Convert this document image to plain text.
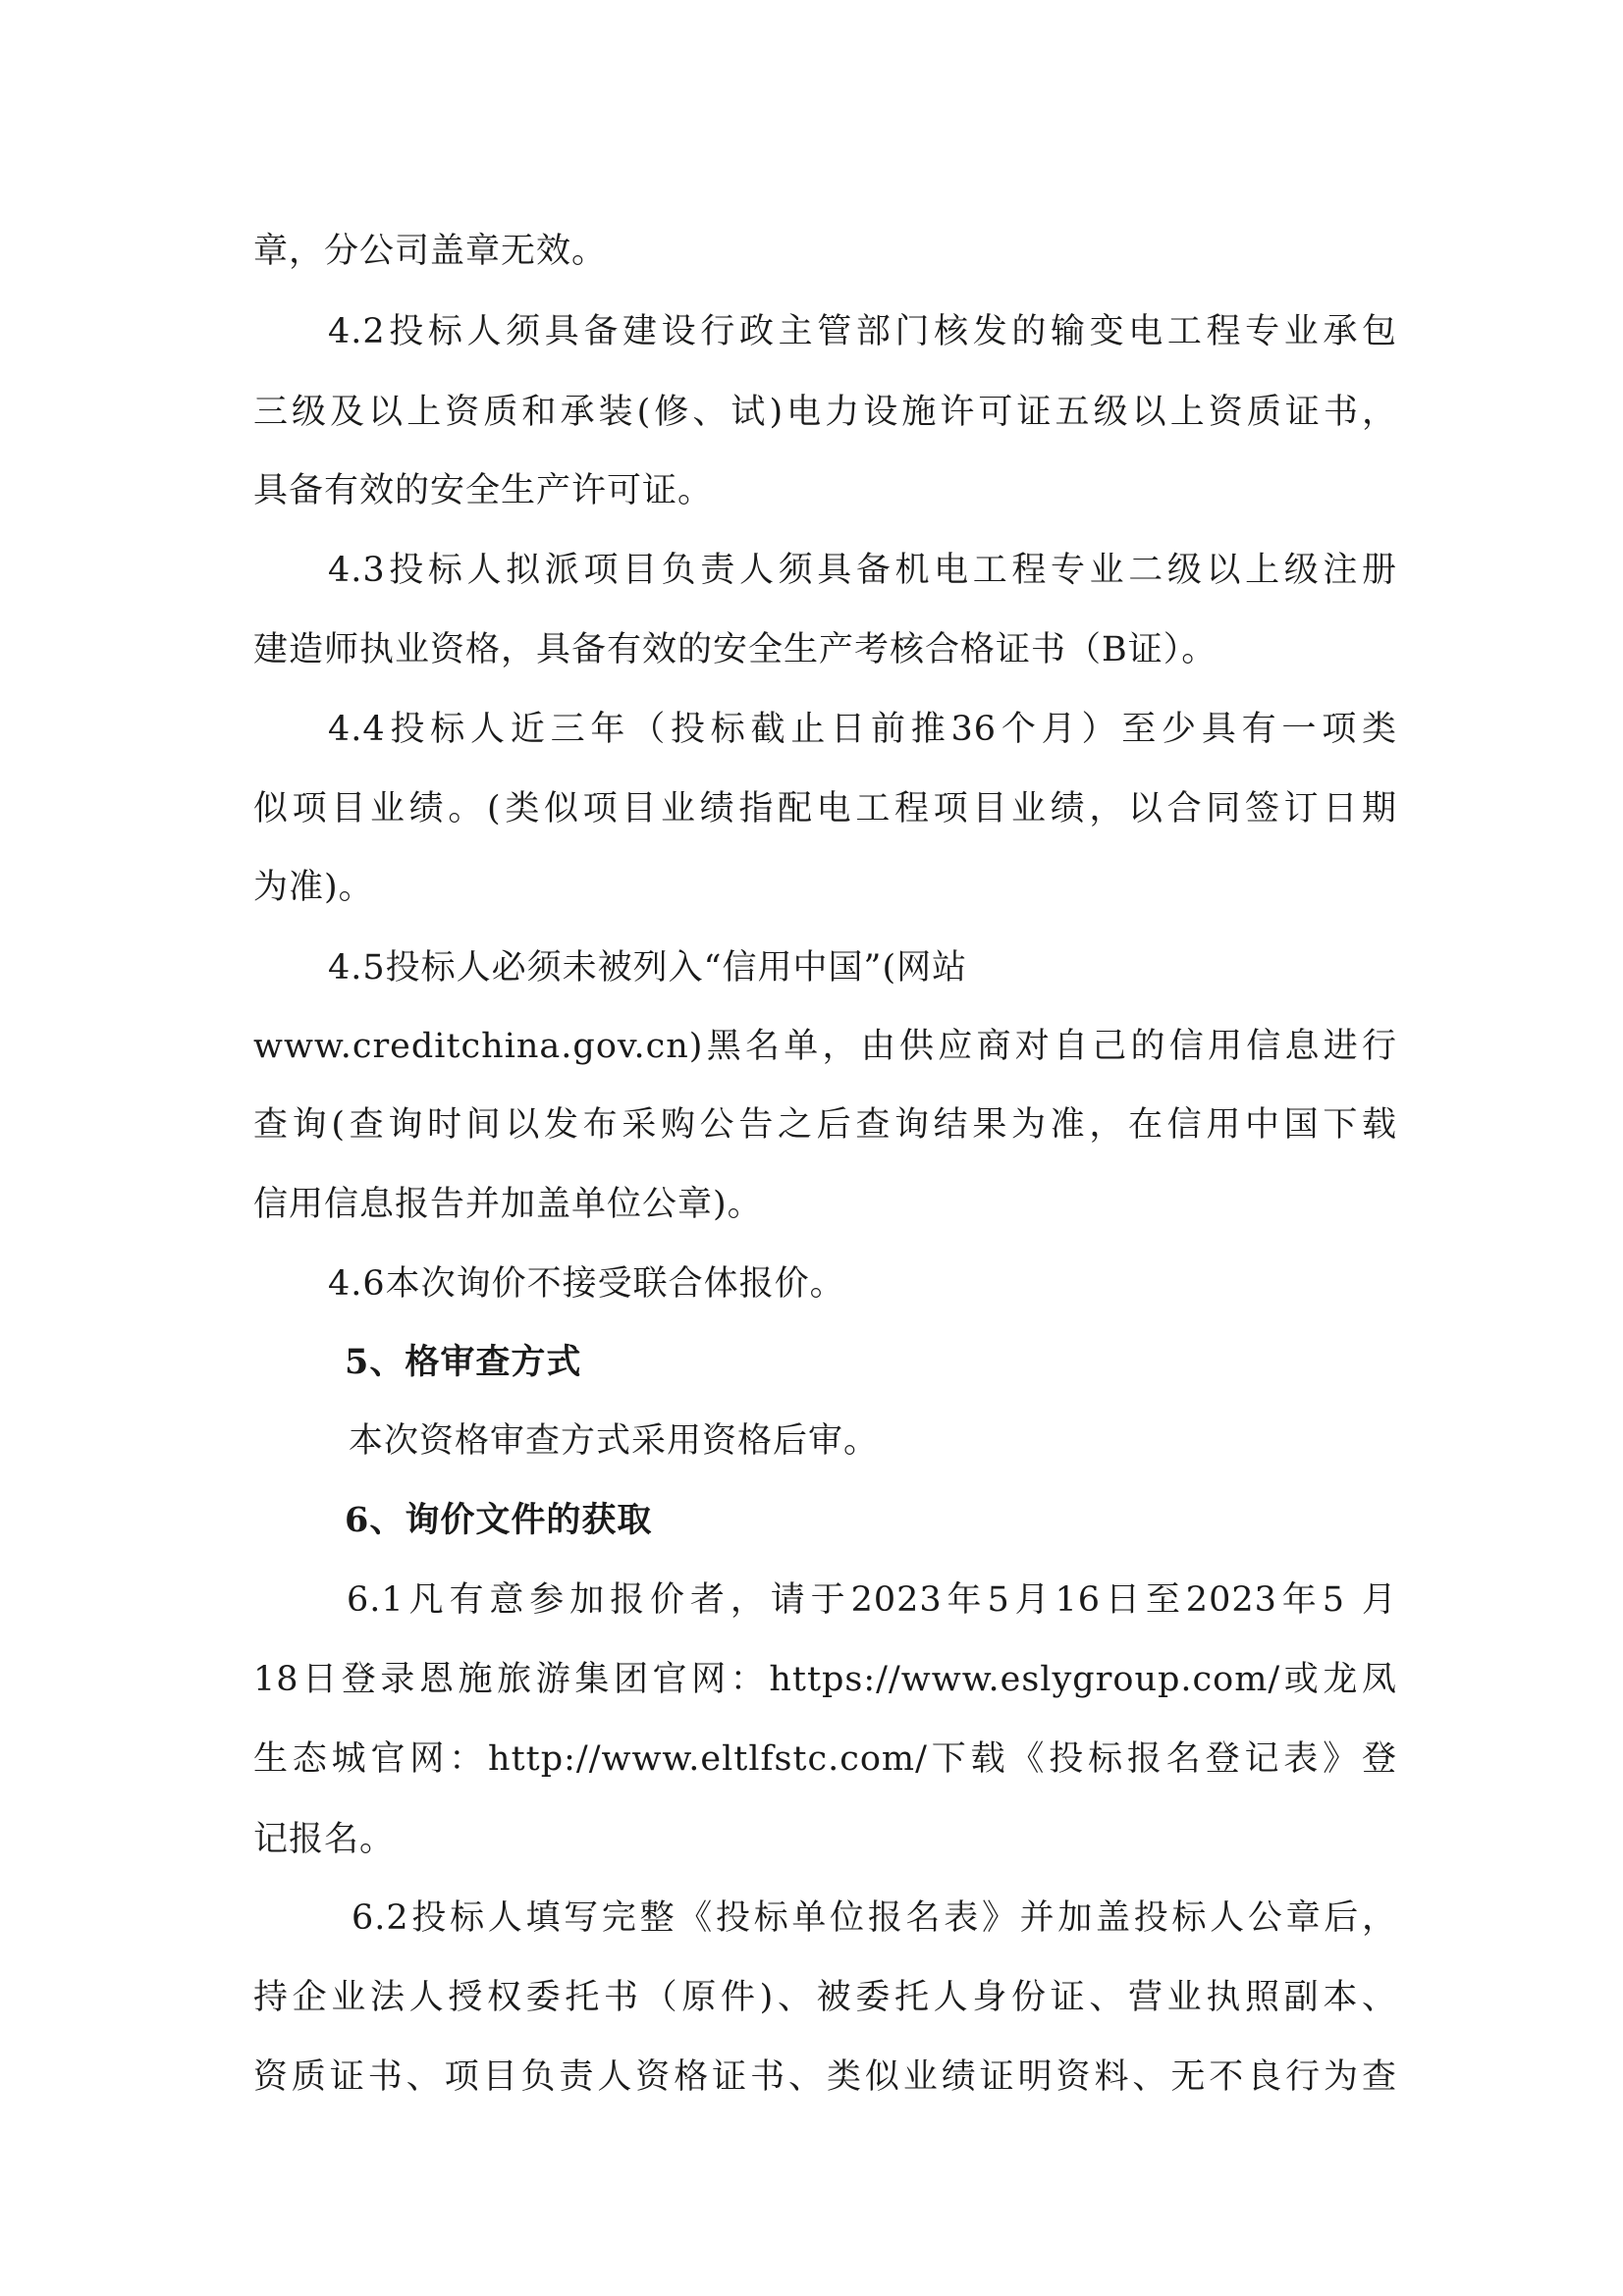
章，分公司盖章无效。
4.2投标人须具备建设行政主管部门核发的输变电工程专业承包
三级及以上资质和承装(修、试)电力设施许可证五级以上资质证书，
具备有效的安全生产许可证。
4.3投标人拟派项目负责人须具备机电工程专业二级以上级注册
建造师执业资格，具备有效的安全生产考核合格证书（B证）。
4.4投标人近三年（投标截止日前推36个月）至少具有一项类
似项目业绩。(类似项目业绩指配电工程项目业绩，以合同签订日期
为准)。
4.5投标人必须未被列入“信用中国”(网站
www.creditchina.gov.cn)黑名单，由供应商对自己的信用信息进行
查询(查询时间以发布采购公告之后查询结果为准，在信用中国下载
信用信息报告并加盖单位公章)。
4.6本次询价不接受联合体报价。
5、格审查方式
本次资格审查方式采用资格后审。
6、询价文件的获取
6.1凡有意参加报价者，请于2023年5月16日至2023年5 月
18日登录恩施旅游集团官网：https://www.eslygroup.com/或龙凤
生态城官网：http://www.eltlfstc.com/下载《投标报名登记表》登
记报名。
6.2投标人填写完整《投标单位报名表》并加盖投标人公章后，
持企业法人授权委托书（原件)、被委托人身份证、营业执照副本、
资质证书、项目负责人资格证书、类似业绩证明资料、无不良行为查
